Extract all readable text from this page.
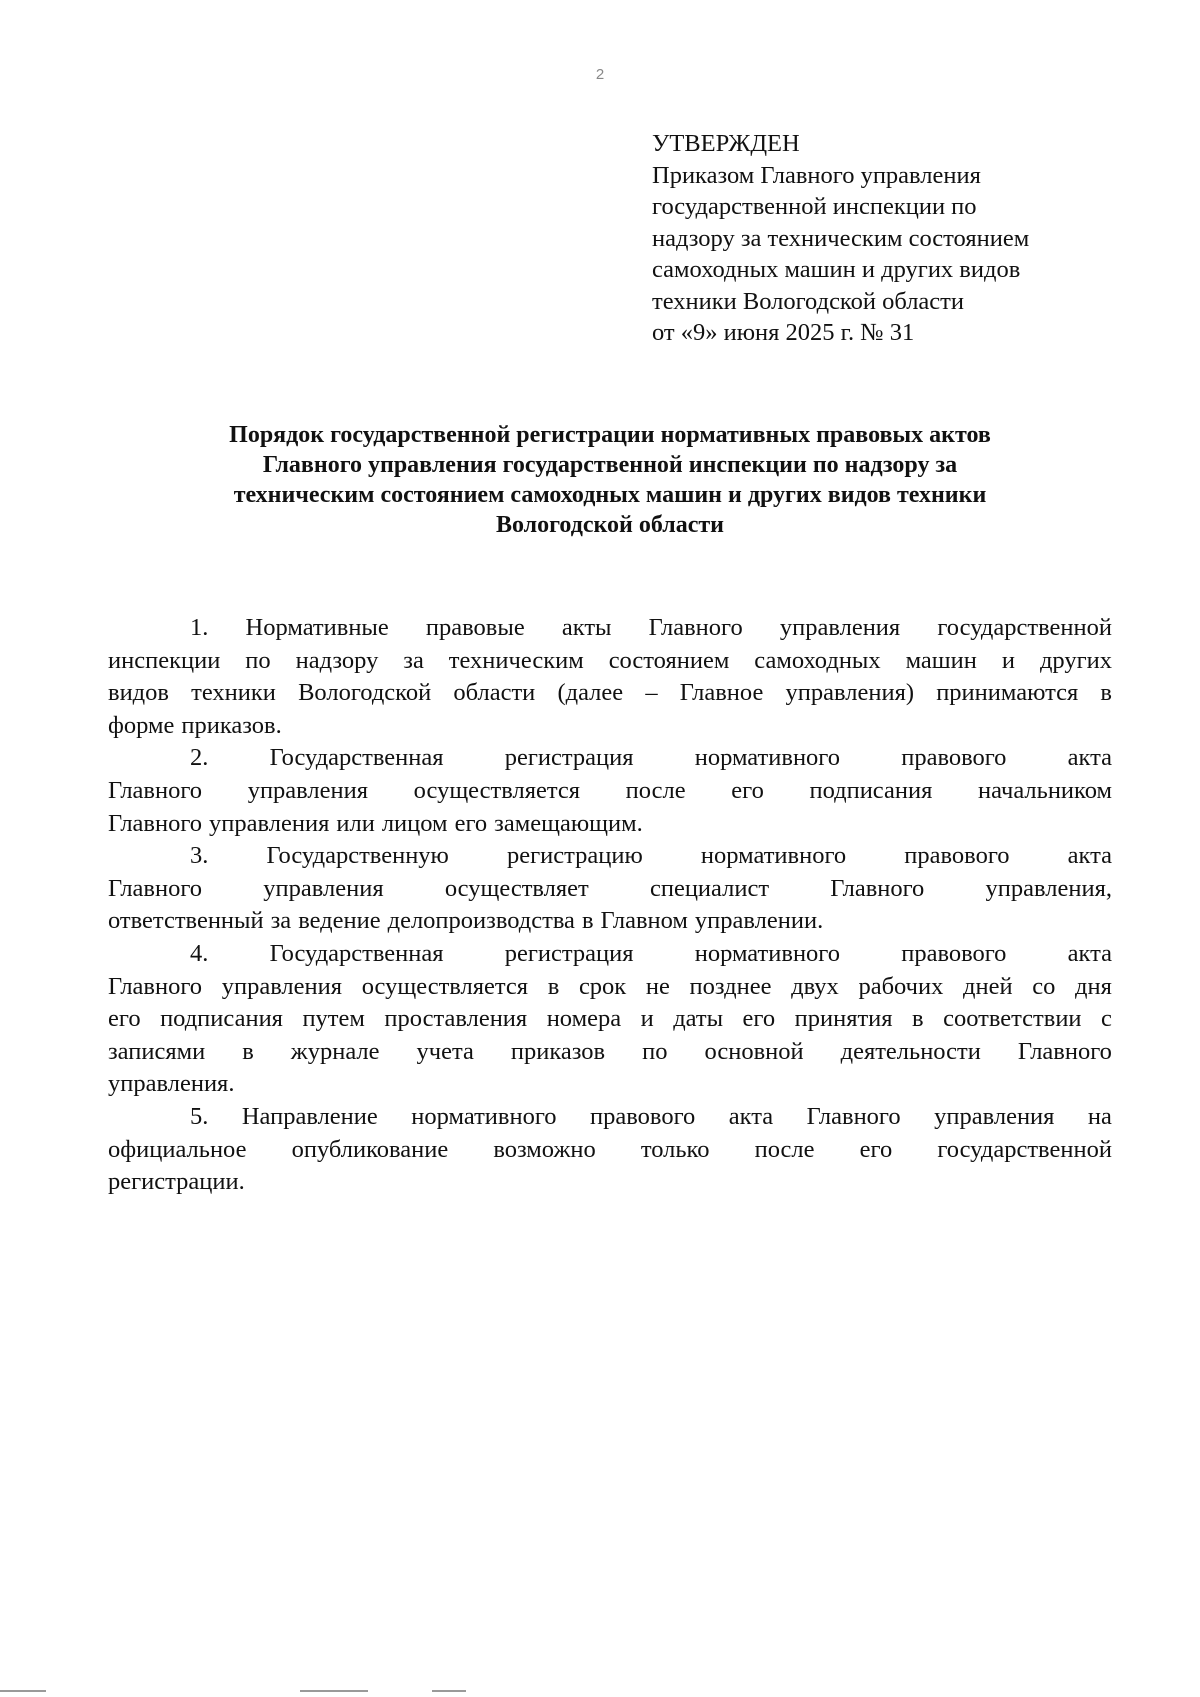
2
УТВЕРЖДЕН
Приказом Главного управления
государственной инспекции по
надзору за техническим состоянием
самоходных машин и других видов
техники Вологодской области
от «9» июня 2025 г. № 31
Порядок государственной регистрации нормативных правовых актов
Главного управления государственной инспекции по надзору за
техническим состоянием самоходных машин и других видов техники
Вологодской области
1. Нормативные правовые акты Главного управления государственной
инспекции по надзору за техническим состоянием самоходных машин и других
видов техники Вологодской области (далее – Главное управления) принимаются в
форме приказов.
2. Государственная регистрация нормативного правового акта
Главного управления осуществляется после его подписания начальником
Главного управления или лицом его замещающим.
3. Государственную регистрацию нормативного правового акта
Главного управления осуществляет специалист Главного управления,
ответственный за ведение делопроизводства в Главном управлении.
4. Государственная регистрация нормативного правового акта
Главного управления осуществляется в срок не позднее двух рабочих дней со дня
его подписания путем проставления номера и даты его принятия в соответствии с
записями в журнале учета приказов по основной деятельности Главного
управления.
5. Направление нормативного правового акта Главного управления на
официальное опубликование возможно только после его государственной
регистрации.
